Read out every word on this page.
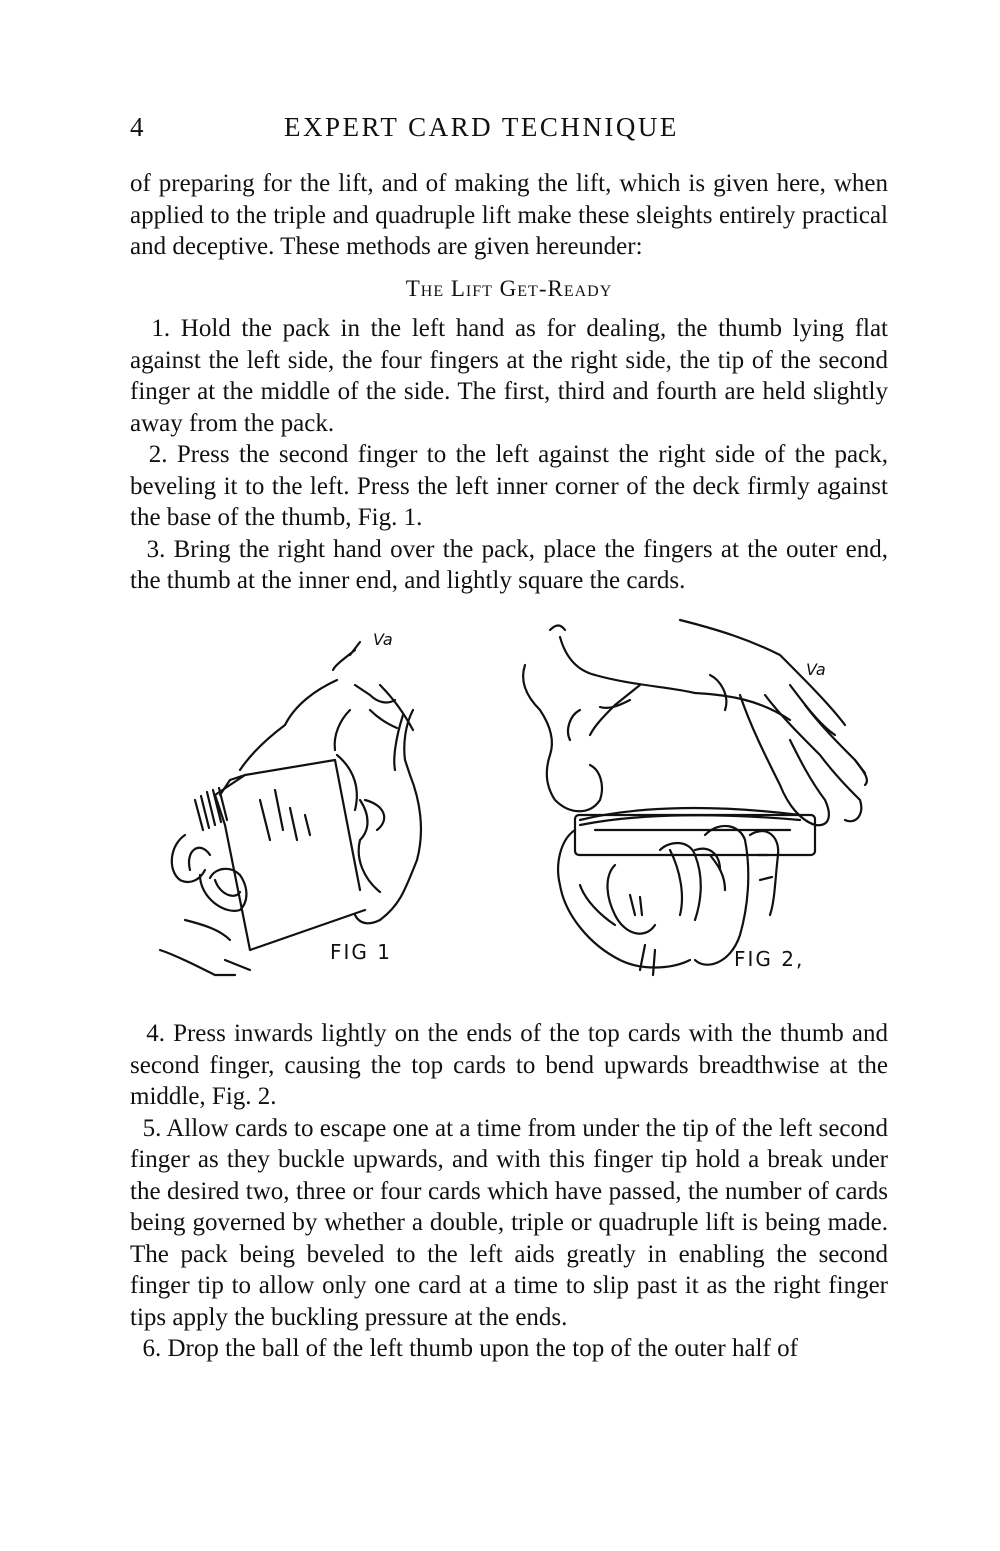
4	EXPERT CARD TECHNIQUE

of preparing for the lift, and of making the lift, which is given here, when applied to the triple and quadruple lift make these sleights entirely practical and deceptive. These methods are given hereunder:

The Lift Get-Ready

1. Hold the pack in the left hand as for dealing, the thumb lying flat against the left side, the four fingers at the right side, the tip of the second finger at the middle of the side. The first, third and fourth are held slightly away from the pack.

2. Press the second finger to the left against the right side of the pack, beveling it to the left. Press the left inner corner of the deck firmly against the base of the thumb, Fig. 1.

3. Bring the right hand over the pack, place the fingers at the outer end, the thumb at the inner end, and lightly square the cards.

FIG 1
Va
FIG 2,
Va

4. Press inwards lightly on the ends of the top cards with the thumb and second finger, causing the top cards to bend upwards breadthwise at the middle, Fig. 2.

5. Allow cards to escape one at a time from under the tip of the left second finger as they buckle upwards, and with this finger tip hold a break under the desired two, three or four cards which have passed, the number of cards being governed by whether a double, triple or quadruple lift is being made. The pack being beveled to the left aids greatly in enabling the second finger tip to allow only one card at a time to slip past it as the right finger tips apply the buckling pressure at the ends.

6. Drop the ball of the left thumb upon the top of the outer half of
